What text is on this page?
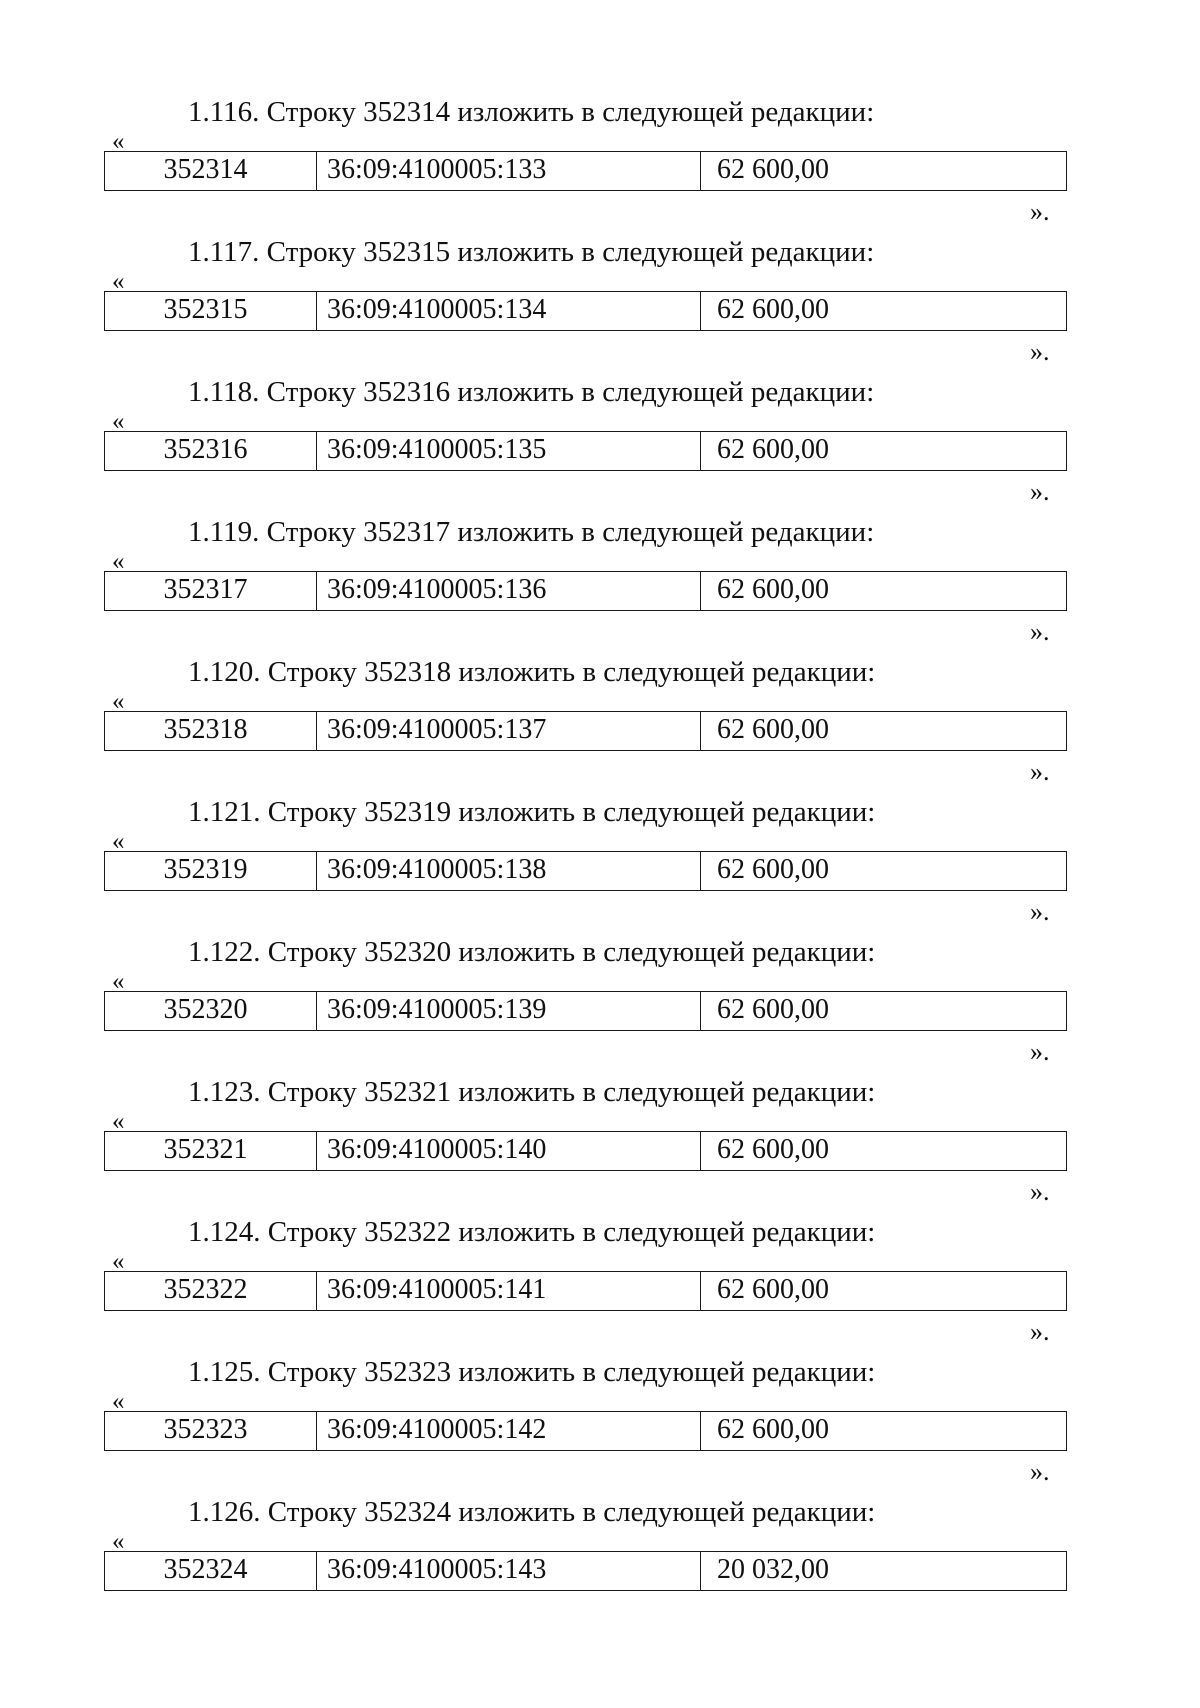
1.116. Строку 352314 изложить в следующей редакции:
«
352314	36:09:4100005:133	62 600,00
».
1.117. Строку 352315 изложить в следующей редакции:
«
352315	36:09:4100005:134	62 600,00
».
1.118. Строку 352316 изложить в следующей редакции:
«
352316	36:09:4100005:135	62 600,00
».
1.119. Строку 352317 изложить в следующей редакции:
«
352317	36:09:4100005:136	62 600,00
».
1.120. Строку 352318 изложить в следующей редакции:
«
352318	36:09:4100005:137	62 600,00
».
1.121. Строку 352319 изложить в следующей редакции:
«
352319	36:09:4100005:138	62 600,00
».
1.122. Строку 352320 изложить в следующей редакции:
«
352320	36:09:4100005:139	62 600,00
».
1.123. Строку 352321 изложить в следующей редакции:
«
352321	36:09:4100005:140	62 600,00
».
1.124. Строку 352322 изложить в следующей редакции:
«
352322	36:09:4100005:141	62 600,00
».
1.125. Строку 352323 изложить в следующей редакции:
«
352323	36:09:4100005:142	62 600,00
».
1.126. Строку 352324 изложить в следующей редакции:
«
352324	36:09:4100005:143	20 032,00
